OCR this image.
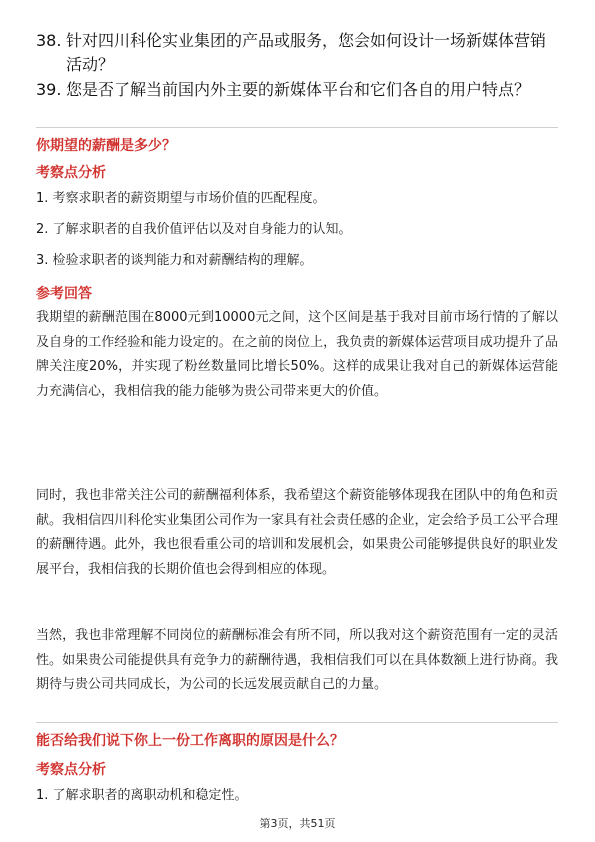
38. 针对四川科伦实业集团的产品或服务，您会如何设计一场新媒体营销活动？
39. 您是否了解当前国内外主要的新媒体平台和它们各自的用户特点？
你期望的薪酬是多少？
考察点分析
1. 考察求职者的薪资期望与市场价值的匹配程度。
2. 了解求职者的自我价值评估以及对自身能力的认知。
3. 检验求职者的谈判能力和对薪酬结构的理解。
参考回答
我期望的薪酬范围在8000元到10000元之间，这个区间是基于我对目前市场行情的了解以及自身的工作经验和能力设定的。在之前的岗位上，我负责的新媒体运营项目成功提升了品牌关注度20%，并实现了粉丝数量同比增长50%。这样的成果让我对自己的新媒体运营能力充满信心，我相信我的能力能够为贵公司带来更大的价值。
同时，我也非常关注公司的薪酬福利体系，我希望这个薪资能够体现我在团队中的角色和贡献。我相信四川科伦实业集团公司作为一家具有社会责任感的企业，定会给予员工公平合理的薪酬待遇。此外，我也很看重公司的培训和发展机会，如果贵公司能够提供良好的职业发展平台，我相信我的长期价值也会得到相应的体现。
当然，我也非常理解不同岗位的薪酬标准会有所不同，所以我对这个薪资范围有一定的灵活性。如果贵公司能提供具有竞争力的薪酬待遇，我相信我们可以在具体数额上进行协商。我期待与贵公司共同成长，为公司的长远发展贡献自己的力量。
能否给我们说下你上一份工作离职的原因是什么？
考察点分析
1. 了解求职者的离职动机和稳定性。
第3页，共51页
